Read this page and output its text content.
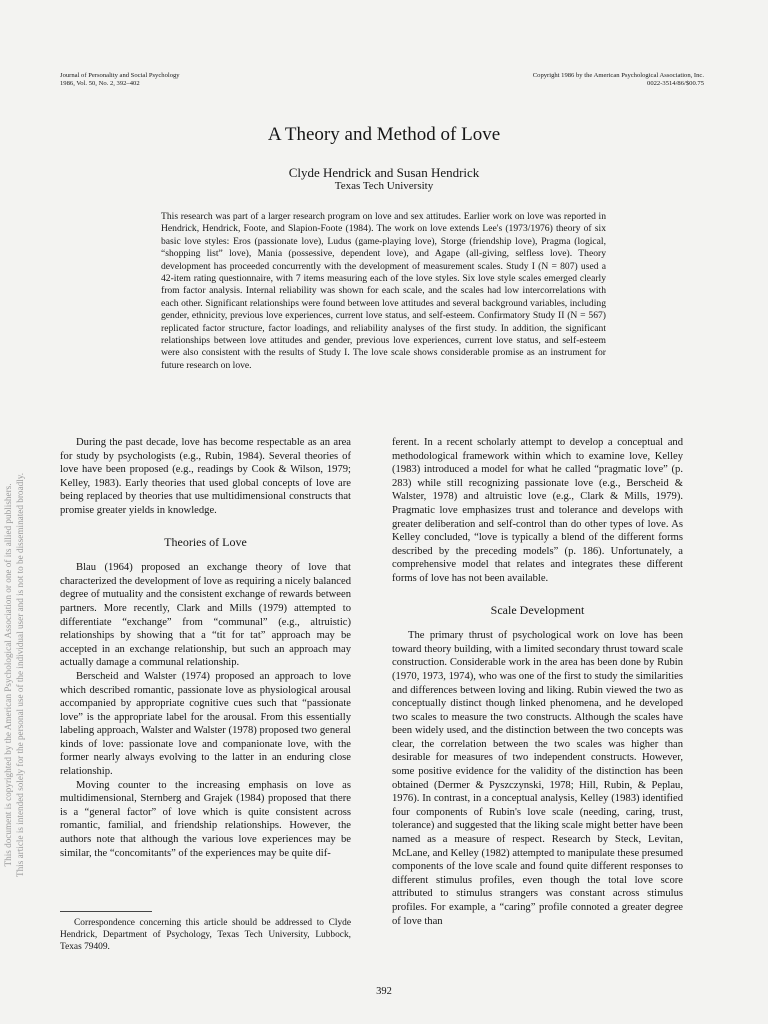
Journal of Personality and Social Psychology
1986, Vol. 50, No. 2, 392–402
Copyright 1986 by the American Psychological Association, Inc.
0022-3514/86/$00.75
A Theory and Method of Love
Clyde Hendrick and Susan Hendrick
Texas Tech University
This research was part of a larger research program on love and sex attitudes. Earlier work on love was reported in Hendrick, Hendrick, Foote, and Slapion-Foote (1984). The work on love extends Lee's (1973/1976) theory of six basic love styles: Eros (passionate love), Ludus (game-playing love), Storge (friendship love), Pragma (logical, “shopping list” love), Mania (possessive, dependent love), and Agape (all-giving, selfless love). Theory development has proceeded concurrently with the development of measurement scales. Study I (N = 807) used a 42-item rating questionnaire, with 7 items measuring each of the love styles. Six love style scales emerged clearly from factor analysis. Internal reliability was shown for each scale, and the scales had low intercorrelations with each other. Significant relationships were found between love attitudes and several background variables, including gender, ethnicity, previous love experiences, current love status, and self-esteem. Confirmatory Study II (N = 567) replicated factor structure, factor loadings, and reliability analyses of the first study. In addition, the significant relationships between love attitudes and gender, previous love experiences, current love status, and self-esteem were also consistent with the results of Study I. The love scale shows considerable promise as an instrument for future research on love.

During the past decade, love has become respectable as an area for study by psychologists (e.g., Rubin, 1984). Several theories of love have been proposed (e.g., readings by Cook & Wilson, 1979; Kelley, 1983). Early theories that used global concepts of love are being replaced by theories that use multidimensional constructs that promise greater yields in knowledge.

Theories of Love

Blau (1964) proposed an exchange theory of love that characterized the development of love as requiring a nicely balanced degree of mutuality and the consistent exchange of rewards between partners. More recently, Clark and Mills (1979) attempted to differentiate “exchange” from “communal” (e.g., altruistic) relationships by showing that a “tit for tat” approach may be accepted in an exchange relationship, but such an approach may actually damage a communal relationship.

Berscheid and Walster (1974) proposed an approach to love which described romantic, passionate love as physiological arousal accompanied by appropriate cognitive cues such that “passionate love” is the appropriate label for the arousal. From this essentially labeling approach, Walster and Walster (1978) proposed two general kinds of love: passionate love and companionate love, with the former nearly always evolving to the latter in an enduring close relationship.

Moving counter to the increasing emphasis on love as multidimensional, Sternberg and Grajek (1984) proposed that there is a “general factor” of love which is quite consistent across romantic, familial, and friendship relationships. However, the authors note that although the various love experiences may be similar, the “concomitants” of the experiences may be quite dif-

ferent. In a recent scholarly attempt to develop a conceptual and methodological framework within which to examine love, Kelley (1983) introduced a model for what he called “pragmatic love” (p. 283) while still recognizing passionate love (e.g., Berscheid & Walster, 1978) and altruistic love (e.g., Clark & Mills, 1979). Pragmatic love emphasizes trust and tolerance and develops with greater deliberation and self-control than do other types of love. As Kelley concluded, “love is typically a blend of the different forms described by the preceding models” (p. 186). Unfortunately, a comprehensive model that relates and integrates these different forms of love has not been available.

Scale Development

The primary thrust of psychological work on love has been toward theory building, with a limited secondary thrust toward scale construction. Considerable work in the area has been done by Rubin (1970, 1973, 1974), who was one of the first to study the similarities and differences between loving and liking. Rubin viewed the two as conceptually distinct though linked phenomena, and he developed two scales to measure the two constructs. Although the scales have been widely used, and the distinction between the two concepts was clear, the correlation between the two scales was higher than desirable for measures of two independent constructs. However, some positive evidence for the validity of the distinction has been obtained (Dermer & Pyszczynski, 1978; Hill, Rubin, & Peplau, 1976). In contrast, in a conceptual analysis, Kelley (1983) identified four components of Rubin's love scale (needing, caring, trust, tolerance) and suggested that the liking scale might better have been named as a measure of respect. Research by Steck, Levitan, McLane, and Kelley (1982) attempted to manipulate these presumed components of the love scale and found quite different responses to different stimulus profiles, even though the total love score attributed to stimulus strangers was constant across stimulus profiles. For example, a “caring” profile connoted a greater degree of love than

Correspondence concerning this article should be addressed to Clyde Hendrick, Department of Psychology, Texas Tech University, Lubbock, Texas 79409.
392
This document is copyrighted by the American Psychological Association or one of its allied publishers. This article is intended solely for the personal use of the individual user and is not to be disseminated broadly.
